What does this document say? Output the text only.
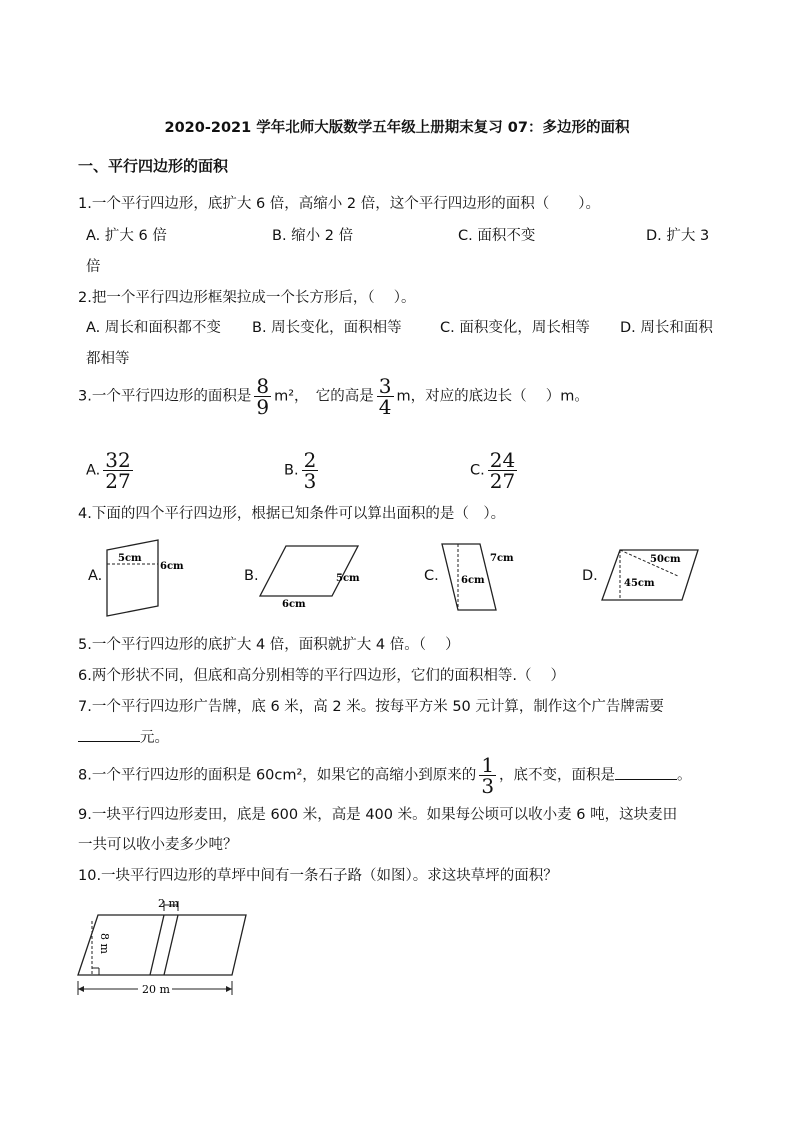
2020-2021 学年北师大版数学五年级上册期末复习 07：多边形的面积
一、平行四边形的面积
1.一个平行四边形，底扩大 6 倍，高缩小 2 倍，这个平行四边形的面积（　　）。
A. 扩大 6 倍	B. 缩小 2 倍	C. 面积不变	D. 扩大 3
倍
2.把一个平行四边形框架拉成一个长方形后，（　 ）。
A. 周长和面积都不变 B. 周长变化，面积相等	C. 面积变化，周长相等 D. 周长和面积
都相等
3.一个平行四边形的面积是 $\frac{8}{9} m^2$，　它的高是 $\frac{3}{4}$ m，对应的底边长（　 ）m。
A. $\frac{32}{27}$	B. $\frac{2}{3}$	C. $\frac{24}{27}$
4.下面的四个平行四边形，根据已知条件可以算出面积的是（　）。
A.
5cm
6cm
B.	5cm
6cm
C.
7cm
6cm	D.
50cm
45cm
5.一个平行四边形的底扩大 4 倍，面积就扩大 4 倍。（　 ）
6.两个形状不同，但底和高分别相等的平行四边形，它们的面积相等.（　 ）
7.一个平行四边形广告牌，底 6 米，高 2 米。按每平方米 50 元计算，制作这个广告牌需要
元。
8.一个平行四边形的面积是 60cm²，如果它的高缩小到原来的 $\frac{1}{3}$ ，底不变，面积是	。
9.一块平行四边形麦田，底是 600 米，高是 400 米。如果每公顷可以收小麦 6 吨，这块麦田
一共可以收小麦多少吨？
10.一块平行四边形的草坪中间有一条石子路（如图）。求这块草坪的面积？
2 m
8 m
20 m
